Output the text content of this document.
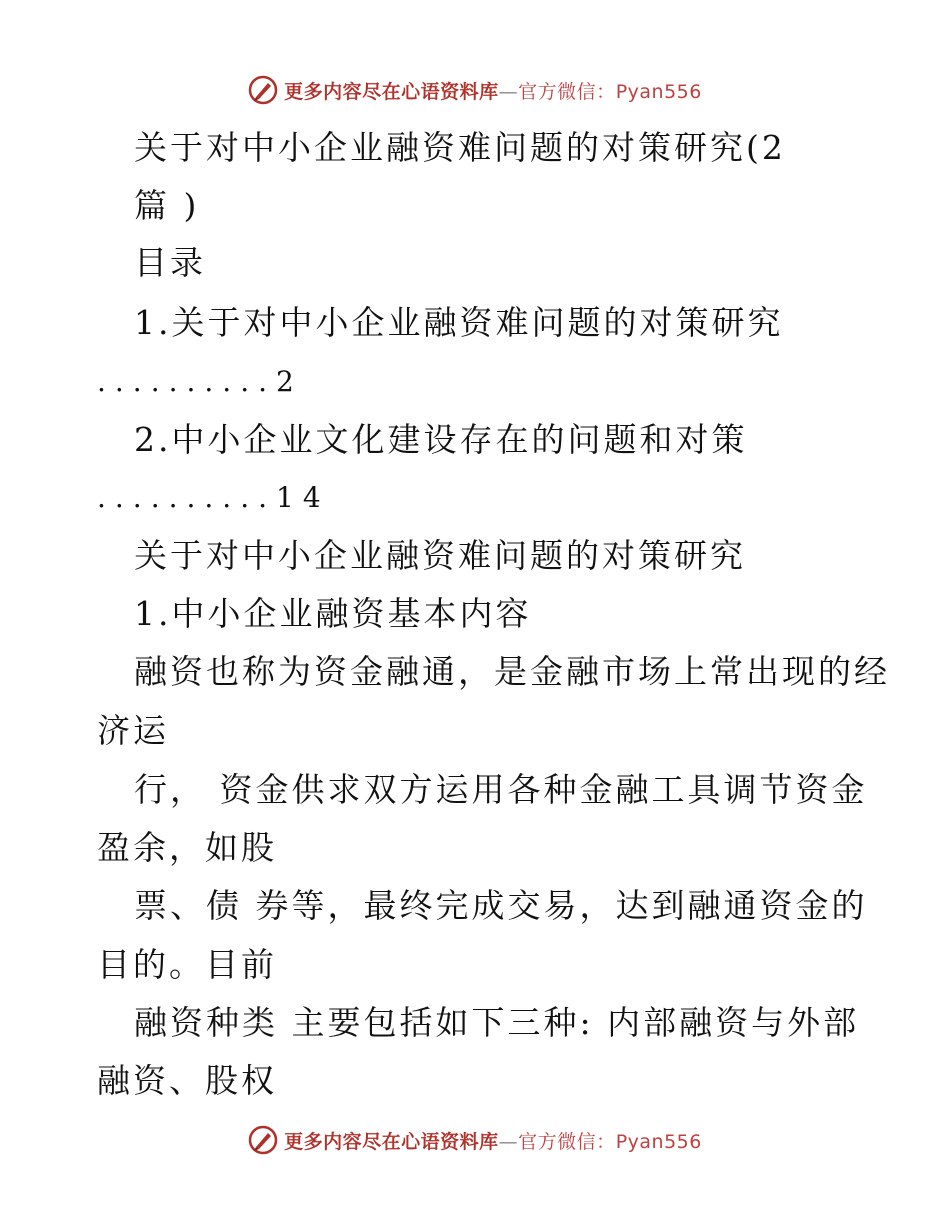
更多内容尽在心语资料库—官方微信：Pyan556
关于对中小企业融资难问题的对策研究(2
篇 )
目录
1.关于对中小企业融资难问题的对策研究
..........2
2.中小企业文化建设存在的问题和对策
..........14
关于对中小企业融资难问题的对策研究
1.中小企业融资基本内容
融资也称为资金融通，是金融市场上常出现的经
济运
行， 资金供求双方运用各种金融工具调节资金
盈余，如股
票、债 券等，最终完成交易，达到融通资金的
目的。目前
融资种类 主要包括如下三种: 内部融资与外部
融资、股权
更多内容尽在心语资料库—官方微信：Pyan556
